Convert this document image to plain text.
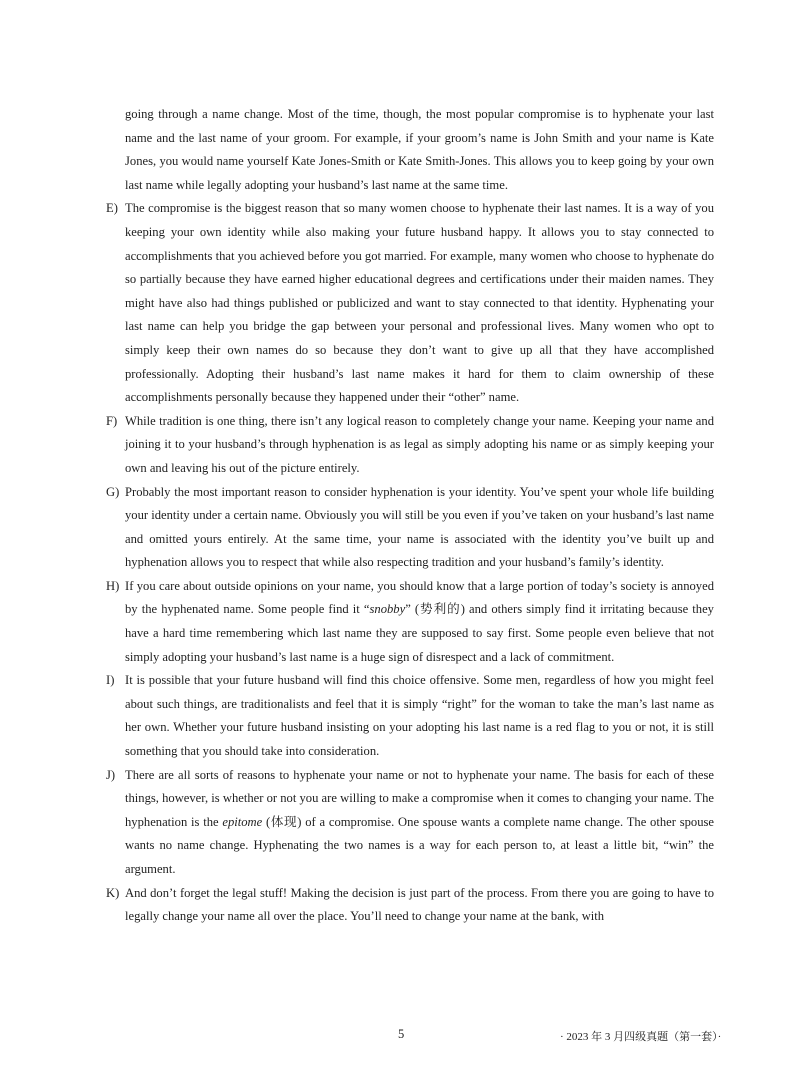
going through a name change. Most of the time, though, the most popular compromise is to hyphenate your last name and the last name of your groom. For example, if your groom’s name is John Smith and your name is Kate Jones, you would name yourself Kate Jones-Smith or Kate Smith-Jones. This allows you to keep going by your own last name while legally adopting your husband’s last name at the same time.

E) The compromise is the biggest reason that so many women choose to hyphenate their last names. It is a way of you keeping your own identity while also making your future husband happy. It allows you to stay connected to accomplishments that you achieved before you got married. For example, many women who choose to hyphenate do so partially because they have earned higher educational degrees and certifications under their maiden names. They might have also had things published or publicized and want to stay connected to that identity. Hyphenating your last name can help you bridge the gap between your personal and professional lives. Many women who opt to simply keep their own names do so because they don’t want to give up all that they have accomplished professionally. Adopting their husband’s last name makes it hard for them to claim ownership of these accomplishments personally because they happened under their “other” name.
F) While tradition is one thing, there isn’t any logical reason to completely change your name. Keeping your name and joining it to your husband’s through hyphenation is as legal as simply adopting his name or as simply keeping your own and leaving his out of the picture entirely.
G) Probably the most important reason to consider hyphenation is your identity. You’ve spent your whole life building your identity under a certain name. Obviously you will still be you even if you’ve taken on your husband’s last name and omitted yours entirely. At the same time, your name is associated with the identity you’ve built up and hyphenation allows you to respect that while also respecting tradition and your husband’s family’s identity.
H) If you care about outside opinions on your name, you should know that a large portion of today’s society is annoyed by the hyphenated name. Some people find it “snobby” (势利的) and others simply find it irritating because they have a hard time remembering which last name they are supposed to say first. Some people even believe that not simply adopting your husband’s last name is a huge sign of disrespect and a lack of commitment.
I) It is possible that your future husband will find this choice offensive. Some men, regardless of how you might feel about such things, are traditionalists and feel that it is simply “right” for the woman to take the man’s last name as her own. Whether your future husband insisting on your adopting his last name is a red flag to you or not, it is still something that you should take into consideration.
J) There are all sorts of reasons to hyphenate your name or not to hyphenate your name. The basis for each of these things, however, is whether or not you are willing to make a compromise when it comes to changing your name. The hyphenation is the epitome (体现) of a compromise. One spouse wants a complete name change. The other spouse wants no name change. Hyphenating the two names is a way for each person to, at least a little bit, “win” the argument.
K) And don’t forget the legal stuff! Making the decision is just part of the process. From there you are going to have to legally change your name all over the place. You’ll need to change your name at the bank, with
5	· 2023 年 3 月四级真题（第一套）·
